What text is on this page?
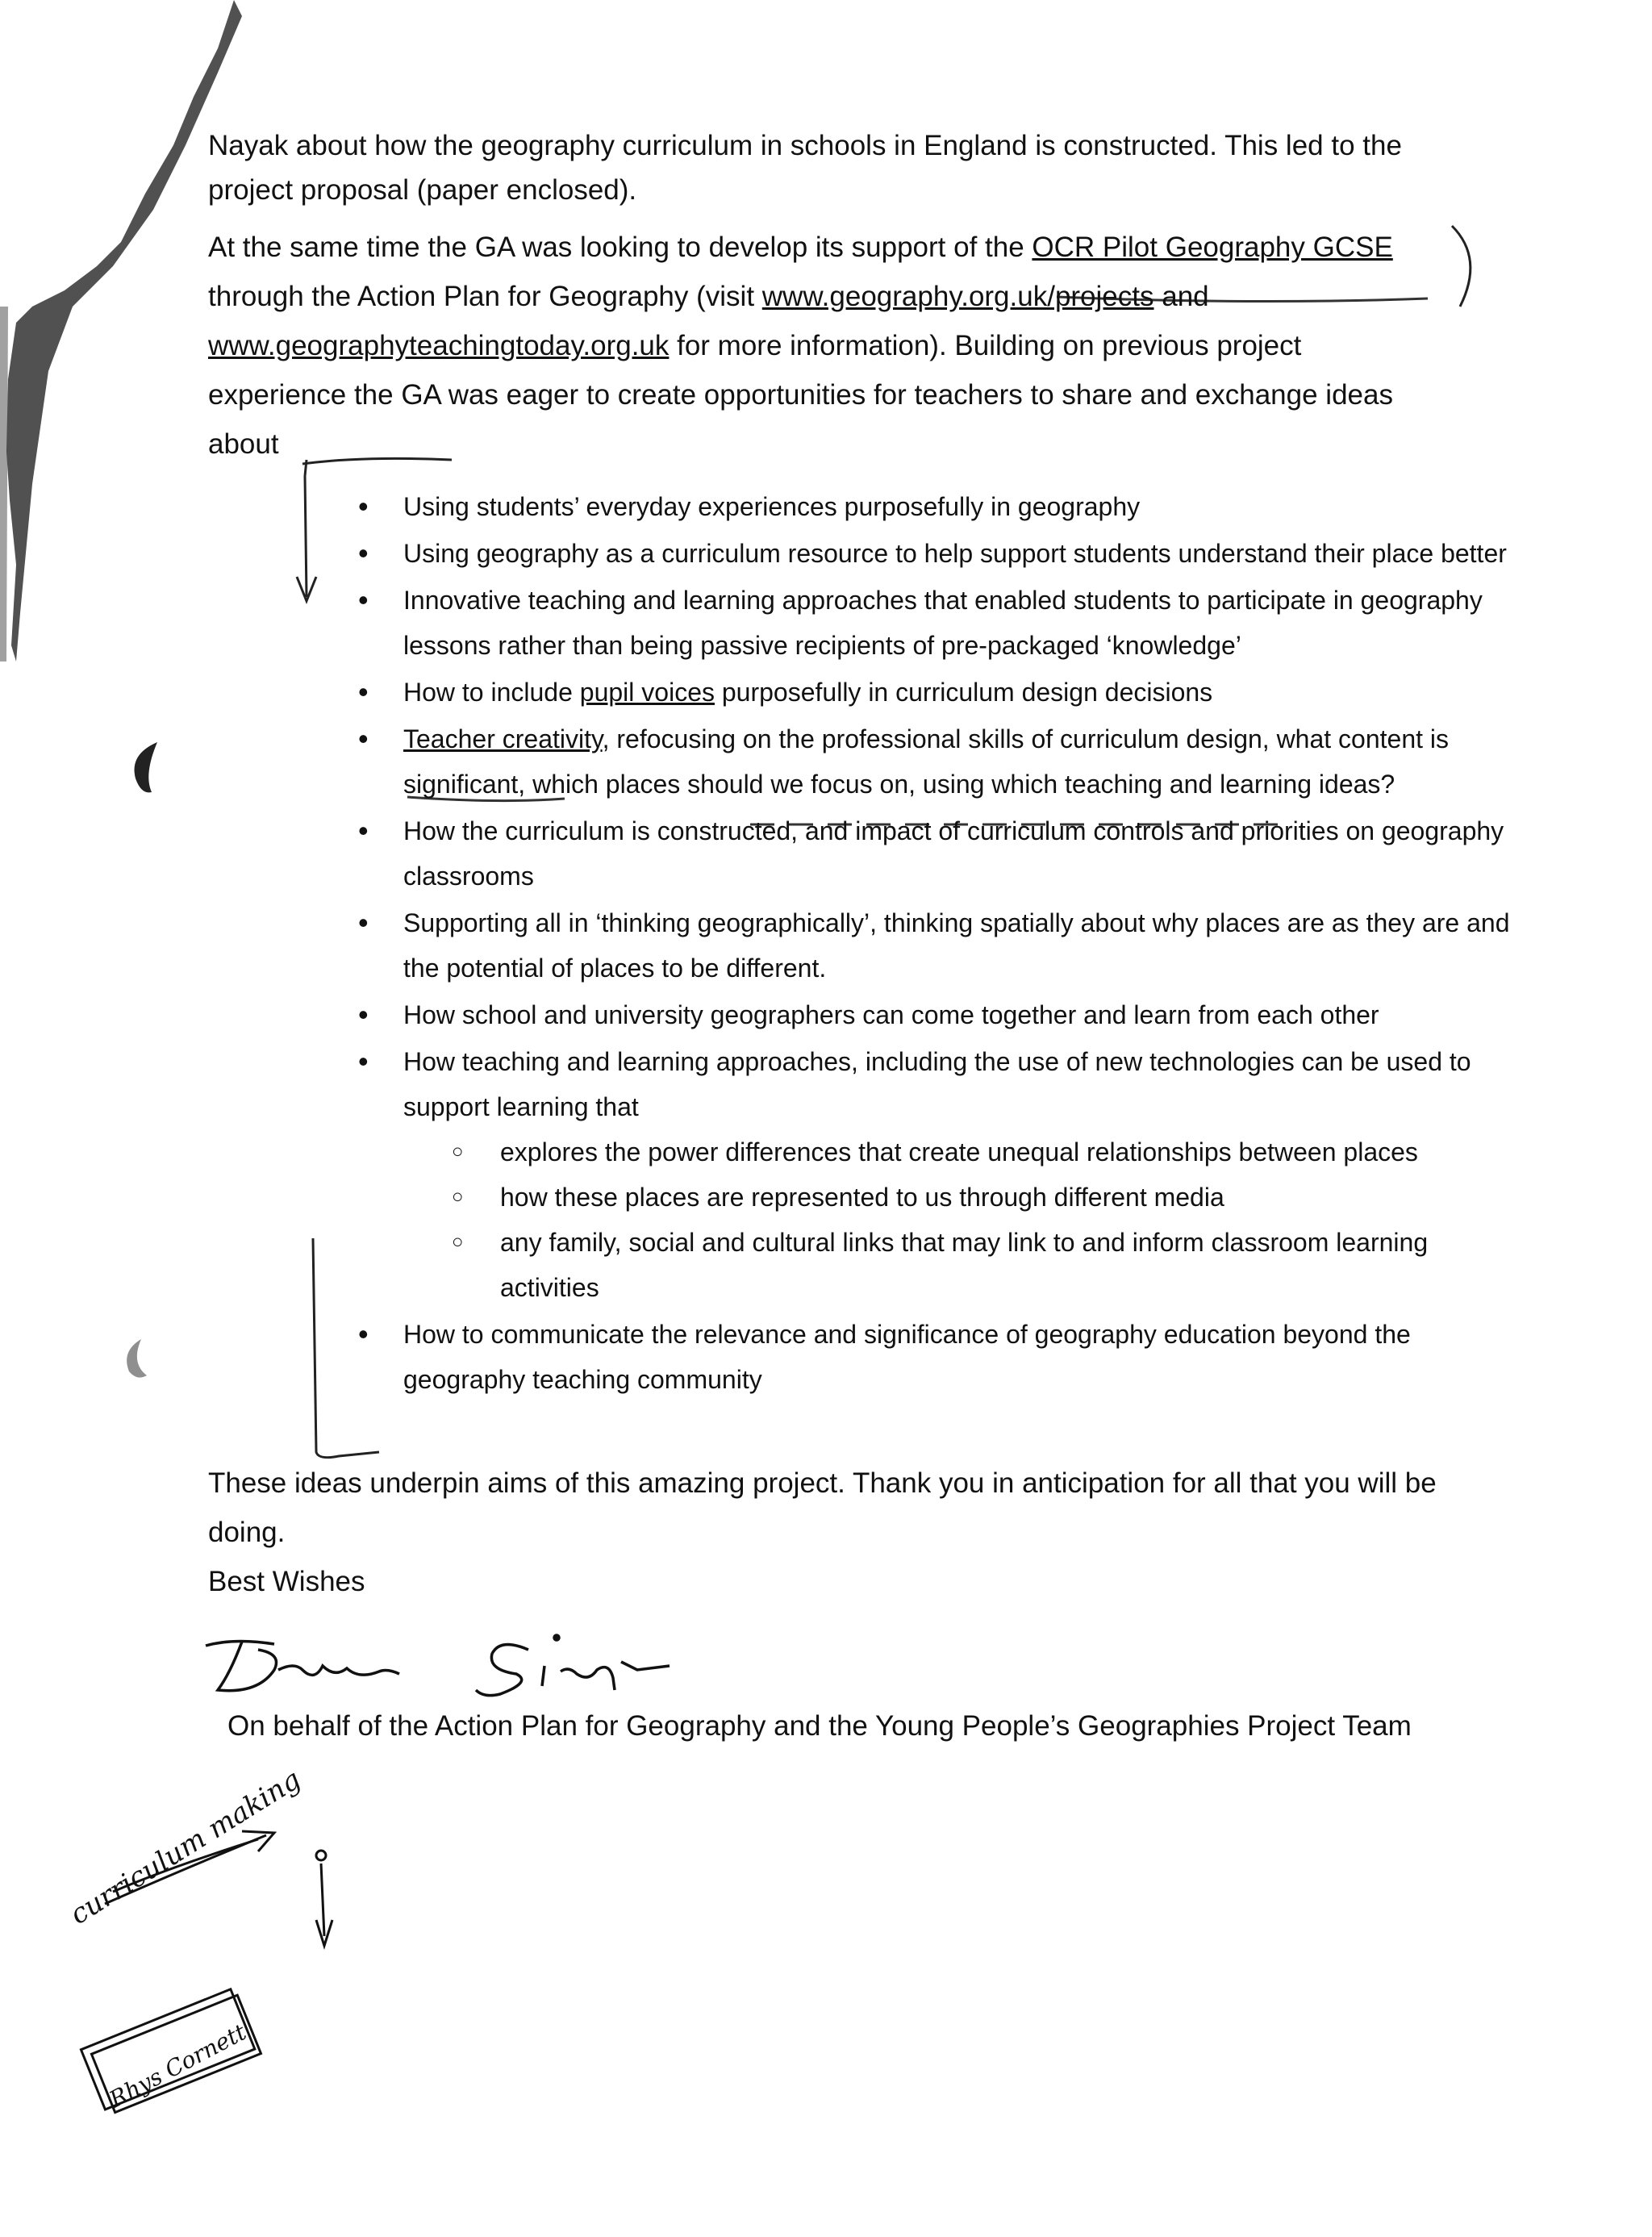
Nayak about how the geography curriculum in schools in England is constructed. This led to the
project proposal (paper enclosed).

At the same time the GA was looking to develop its support of the OCR Pilot Geography GCSE
through the Action Plan for Geography (visit www.geography.org.uk/projects and
www.geographyteachingtoday.org.uk for more information). Building on previous project
experience the GA was eager to create opportunities for teachers to share and exchange ideas
about

• Using students’ everyday experiences purposefully in geography
• Using geography as a curriculum resource to help support students understand their place better
• Innovative teaching and learning approaches that enabled students to participate in geography lessons rather than being passive recipients of pre-packaged ‘knowledge’
• How to include pupil voices purposefully in curriculum design decisions
• Teacher creativity, refocusing on the professional skills of curriculum design, what content is significant, which places should we focus on, using which teaching and learning ideas?
• How the curriculum is constructed, and impact of curriculum controls and priorities on geography classrooms
• Supporting all in ‘thinking geographically’, thinking spatially about why places are as they are and the potential of places to be different.
• How school and university geographers can come together and learn from each other
• How teaching and learning approaches, including the use of new technologies can be used to support learning that
○ explores the power differences that create unequal relationships between places
○ how these places are represented to us through different media
○ any family, social and cultural links that may link to and inform classroom learning activities
• How to communicate the relevance and significance of geography education beyond the geography teaching community

These ideas underpin aims of this amazing project. Thank you in anticipation for all that you will be
doing.
Best Wishes

On behalf of the Action Plan for Geography and the Young People’s Geographies Project Team
curriculum making
Rhys Cornett
